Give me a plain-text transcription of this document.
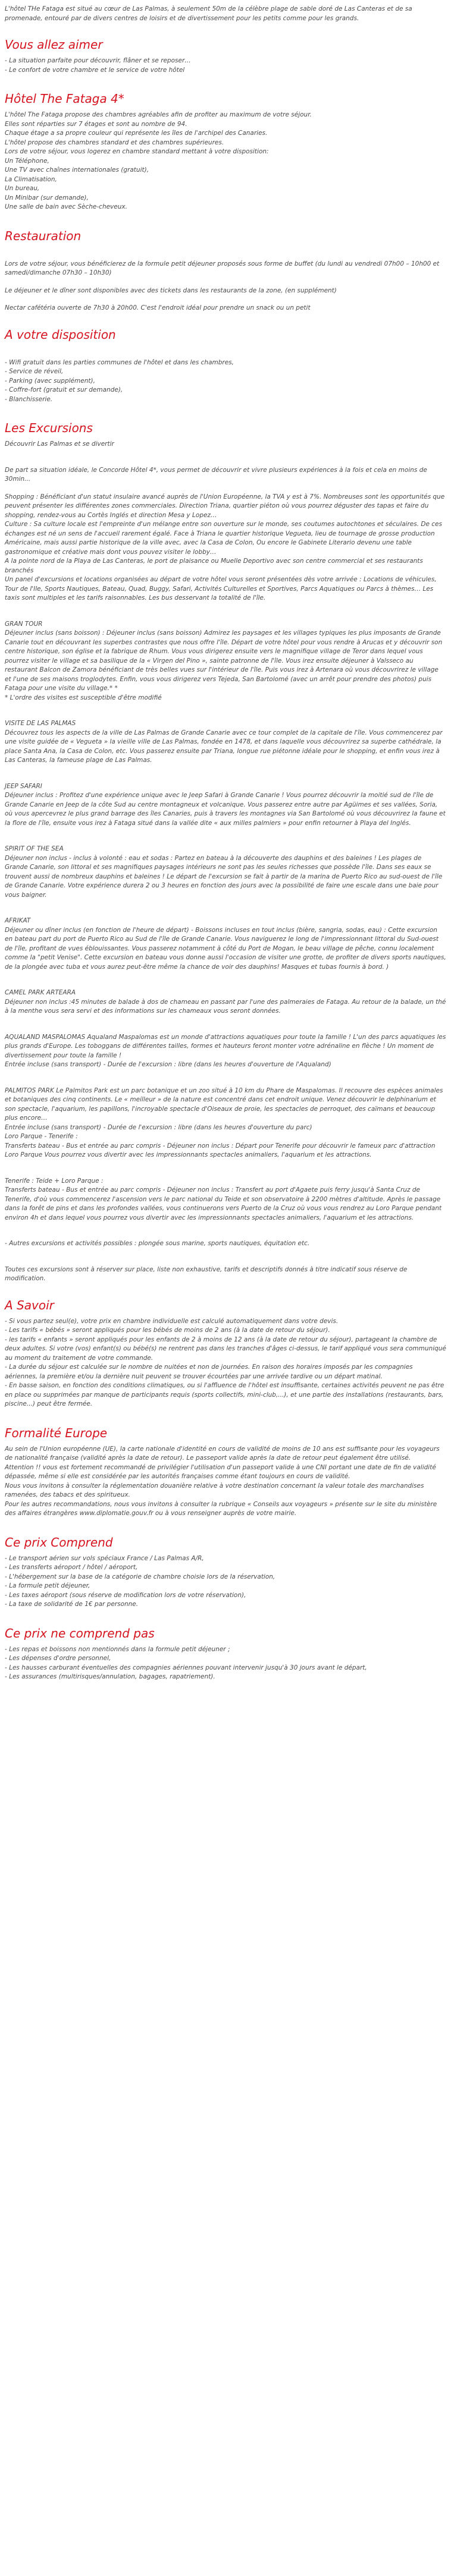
L'hôtel THe Fataga est situé au cœur de Las Palmas, à seulement 50m de la célèbre plage de sable doré de Las Canteras et de sa promenade, entouré par de divers centres de loisirs et de divertissement pour les petits comme pour les grands.

Vous allez aimer
- La situation parfaite pour découvrir, flâner et se reposer…
- Le confort de votre chambre et le service de votre hôtel
Hôtel The Fataga 4*
L'hôtel The Fataga propose des chambres agréables afin de profiter au maximum de votre séjour.
Elles sont réparties sur 7 étages et sont au nombre de 94.
Chaque étage a sa propre couleur qui représente les îles de l'archipel des Canaries.
L'hôtel propose des chambres standard et des chambres supérieures.
Lors de votre séjour, vous logerez en chambre standard mettant à votre disposition:
Un Téléphone,
Une TV avec chaînes internationales (gratuit),
La Climatisation,
Un bureau,
Un Minibar (sur demande),
Une salle de bain avec Sèche-cheveux.
Restauration

Lors de votre séjour, vous bénéficierez de la formule petit déjeuner proposés sous forme de buffet (du lundi au vendredi 07h00 – 10h00 et samedi/dimanche 07h30 – 10h30)

Le déjeuner et le dîner sont disponibles avec des tickets dans les restaurants de la zone, (en supplément)

Nectar cafétéria ouverte de 7h30 à 20h00. C'est l'endroit idéal pour prendre un snack ou un petit

A votre disposition
- Wifi gratuit dans les parties communes de l'hôtel et dans les chambres,
- Service de réveil,
- Parking (avec supplément),
- Coffre-fort (gratuit et sur demande),
- Blanchisserie.
Les Excursions

Découvrir Las Palmas et se divertir

De part sa situation idéale, le Concorde Hôtel 4*, vous permet de découvrir et vivre plusieurs expériences à la fois et cela en moins de 30min...

Shopping : Bénéficiant d'un statut insulaire avancé auprès de l'Union Européenne, la TVA y est à 7%. Nombreuses sont les opportunités que peuvent présenter les différentes zones commerciales. Direction Triana, quartier piéton où vous pourrez déguster des tapas et faire du shopping, rendez-vous au Cortès Inglés et direction Mesa y Lopez…
Culture : Sa culture locale est l'empreinte d'un mélange entre son ouverture sur le monde, ses coutumes autochtones et séculaires. De ces échanges est né un sens de l'accueil rarement égalé. Face à Triana le quartier historique Vegueta, lieu de tournage de grosse production Américaine, mais aussi partie historique de la ville avec, avec la Casa de Colon, Ou encore le Gabinete Literario devenu une table gastronomique et créative mais dont vous pouvez visiter le lobby…
A la pointe nord de la Playa de Las Canteras, le port de plaisance ou Muelle Deportivo avec son centre commercial et ses restaurants branchés
Un panel d'excursions et locations organisées au départ de votre hôtel vous seront présentées dès votre arrivée : Locations de véhicules, Tour de l'Ile, Sports Nautiques, Bateau, Quad, Buggy, Safari, Activités Culturelles et Sportives, Parcs Aquatiques ou Parcs à thèmes… Les taxis sont multiples et les tarifs raisonnables. Les bus desservant la totalité de l'île.
GRAN TOUR
Déjeuner inclus (sans boisson) : Déjeuner inclus (sans boisson) Admirez les paysages et les villages typiques les plus imposants de Grande Canarie tout en découvrant les superbes contrastes que nous offre l'île. Départ de votre hôtel pour vous rendre à Arucas et y découvrir son centre historique, son église et la fabrique de Rhum. Vous vous dirigerez ensuite vers le magnifique village de Teror dans lequel vous pourrez visiter le village et sa basilique de la « Virgen del Pino », sainte patronne de l'île. Vous irez ensuite déjeuner à Valsseco au restaurant Balcon de Zamora bénéficiant de très belles vues sur l'intérieur de l'île. Puis vous irez à Artenara où vous découvrirez le village et l'une de ses maisons troglodytes. Enfin, vous vous dirigerez vers Tejeda, San Bartolomé (avec un arrêt pour prendre des photos) puis Fataga pour une visite du village.* *
* L'ordre des visites est susceptible d'être modifié
VISITE DE LAS PALMAS
Découvrez tous les aspects de la ville de Las Palmas de Grande Canarie avec ce tour complet de la capitale de l'île. Vous commencerez par une visite guidée de « Vegueta » la vieille ville de Las Palmas, fondée en 1478, et dans laquelle vous découvrirez sa superbe cathédrale, la place Santa Ana, la Casa de Colon, etc. Vous passerez ensuite par Triana, longue rue piétonne idéale pour le shopping, et enfin vous irez à Las Canteras, la fameuse plage de Las Palmas.
JEEP SAFARI
Déjeuner inclus : Profitez d'une expérience unique avec le Jeep Safari à Grande Canarie ! Vous pourrez découvrir la moitié sud de l'île de Grande Canarie en Jeep de la côte Sud au centre montagneux et volcanique. Vous passerez entre autre par Agüimes et ses vallées, Soria, où vous apercevrez le plus grand barrage des îles Canaries, puis à travers les montagnes via San Bartolomé où vous découvrirez la faune et la flore de l'île, ensuite vous irez à Fataga situé dans la vallée dite « aux milles palmiers » pour enfin retourner à Playa del Inglés.
SPIRIT OF THE SEA
Déjeuner non inclus - inclus à volonté : eau et sodas : Partez en bateau à la découverte des dauphins et des baleines ! Les plages de Grande Canarie, son littoral et ses magnifiques paysages intérieurs ne sont pas les seules richesses que possède l'île. Dans ses eaux se trouvent aussi de nombreux dauphins et baleines ! Le départ de l'excursion se fait à partir de la marina de Puerto Rico au sud-ouest de l'île de Grande Canarie. Votre expérience durera 2 ou 3 heures en fonction des jours avec la possibilité de faire une escale dans une baie pour vous baigner.
AFRIKAT
Déjeuner ou dîner inclus (en fonction de l'heure de départ) - Boissons incluses en tout inclus (bière, sangria, sodas, eau) : Cette excursion en bateau part du port de Puerto Rico au Sud de l'île de Grande Canarie. Vous naviguerez le long de l'impressionnant littoral du Sud-ouest de l'île, profitant de vues éblouissantes. Vous passerez notamment à côté du Port de Mogan, le beau village de pêche, connu localement comme la "petit Venise". Cette excursion en bateau vous donne aussi l'occasion de visiter une grotte, de profiter de divers sports nautiques, de la plongée avec tuba et vous aurez peut-être même la chance de voir des dauphins! Masques et tubas fournis à bord. )
CAMEL PARK ARTEARA
Déjeuner non inclus :45 minutes de balade à dos de chameau en passant par l'une des palmeraies de Fataga. Au retour de la balade, un thé à la menthe vous sera servi et des informations sur les chameaux vous seront données.
AQUALAND MASPALOMAS Aqualand Maspalomas est un monde d'attractions aquatiques pour toute la famille ! L'un des parcs aquatiques les plus grands d'Europe. Les toboggans de différentes tailles, formes et hauteurs feront monter votre adrénaline en flèche ! Un moment de divertissement pour toute la famille !
Entrée incluse (sans transport) - Durée de l'excursion : libre (dans les heures d'ouverture de l'Aqualand)
PALMITOS PARK Le Palmitos Park est un parc botanique et un zoo situé à 10 km du Phare de Maspalomas. Il recouvre des espèces animales et botaniques des cinq continents. Le « meilleur » de la nature est concentré dans cet endroit unique. Venez découvrir le delphinarium et son spectacle, l'aquarium, les papillons, l'incroyable spectacle d'Oiseaux de proie, les spectacles de perroquet, des caïmans et beaucoup plus encore…
Entrée incluse (sans transport) - Durée de l'excursion : libre (dans les heures d'ouverture du parc)
Loro Parque - Tenerife :
Transferts bateau - Bus et entrée au parc compris - Déjeuner non inclus : Départ pour Tenerife pour découvrir le fameux parc d'attraction Loro Parque Vous pourrez vous divertir avec les impressionnants spectacles animaliers, l'aquarium et les attractions.
Tenerife : Teide + Loro Parque :
Transferts bateau - Bus et entrée au parc compris - Déjeuner non inclus : Transfert au port d'Agaete puis ferry jusqu'à Santa Cruz de Tenerife, d'où vous commencerez l'ascension vers le parc national du Teide et son observatoire à 2200 mètres d'altitude. Après le passage dans la forêt de pins et dans les profondes vallées, vous continuerons vers Puerto de la Cruz où vous vous rendrez au Loro Parque pendant environ 4h et dans lequel vous pourrez vous divertir avec les impressionnants spectacles animaliers, l'aquarium et les attractions.

- Autres excursions et activités possibles : plongée sous marine, sports nautiques, équitation etc.

Toutes ces excursions sont à réserver sur place, liste non exhaustive, tarifs et descriptifs donnés à titre indicatif sous réserve de modification.

A Savoir
- Si vous partez seul(e), votre prix en chambre individuelle est calculé automatiquement dans votre devis.
- Les tarifs « bébés » seront appliqués pour les bébés de moins de 2 ans (à la date de retour du séjour).
- les tarifs « enfants » seront appliqués pour les enfants de 2 à moins de 12 ans (à la date de retour du séjour), partageant la chambre de deux adultes. Si votre (vos) enfant(s) ou bébé(s) ne rentrent pas dans les tranches d'âges ci-dessus, le tarif appliqué vous sera communiqué au moment du traitement de votre commande.
- La durée du séjour est calculée sur le nombre de nuitées et non de journées. En raison des horaires imposés par les compagnies aériennes, la première et/ou la dernière nuit peuvent se trouver écourtées par une arrivée tardive ou un départ matinal.
- En basse saison, en fonction des conditions climatiques, ou si l'affluence de l'hôtel est insuffisante, certaines activités peuvent ne pas être en place ou supprimées par manque de participants requis (sports collectifs, mini-club,...), et une partie des installations (restaurants, bars, piscine...) peut être fermée.
Formalité Europe
Au sein de l'Union européenne (UE), la carte nationale d'identité en cours de validité de moins de 10 ans est suffisante pour les voyageurs de nationalité française (validité après la date de retour). Le passeport valide après la date de retour peut également être utilisé.
Attention !! vous est fortement recommandé de privilégier l'utilisation d'un passeport valide à une CNI portant une date de fin de validité dépassée, même si elle est considérée par les autorités françaises comme étant toujours en cours de validité.
Nous vous invitons à consulter la réglementation douanière relative à votre destination concernant la valeur totale des marchandises ramenées, des tabacs et des spiritueux.
Pour les autres recommandations, nous vous invitons à consulter la rubrique « Conseils aux voyageurs » présente sur le site du ministère des affaires étrangères www.diplomatie.gouv.fr ou à vous renseigner auprès de votre mairie.
Ce prix Comprend
- Le transport aérien sur vols spéciaux France / Las Palmas A/R,
- Les transferts aéroport / hôtel / aéroport,
- L'hébergement sur la base de la catégorie de chambre choisie lors de la réservation,
- La formule petit déjeuner,
- Les taxes aéroport (sous réserve de modification lors de votre réservation),
- La taxe de solidarité de 1€ par personne.
Ce prix ne comprend pas
- Les repas et boissons non mentionnés dans la formule petit déjeuner ;
- Les dépenses d'ordre personnel,
- Les hausses carburant éventuelles des compagnies aériennes pouvant intervenir jusqu'à 30 jours avant le départ,
- Les assurances (multirisques/annulation, bagages, rapatriement).
